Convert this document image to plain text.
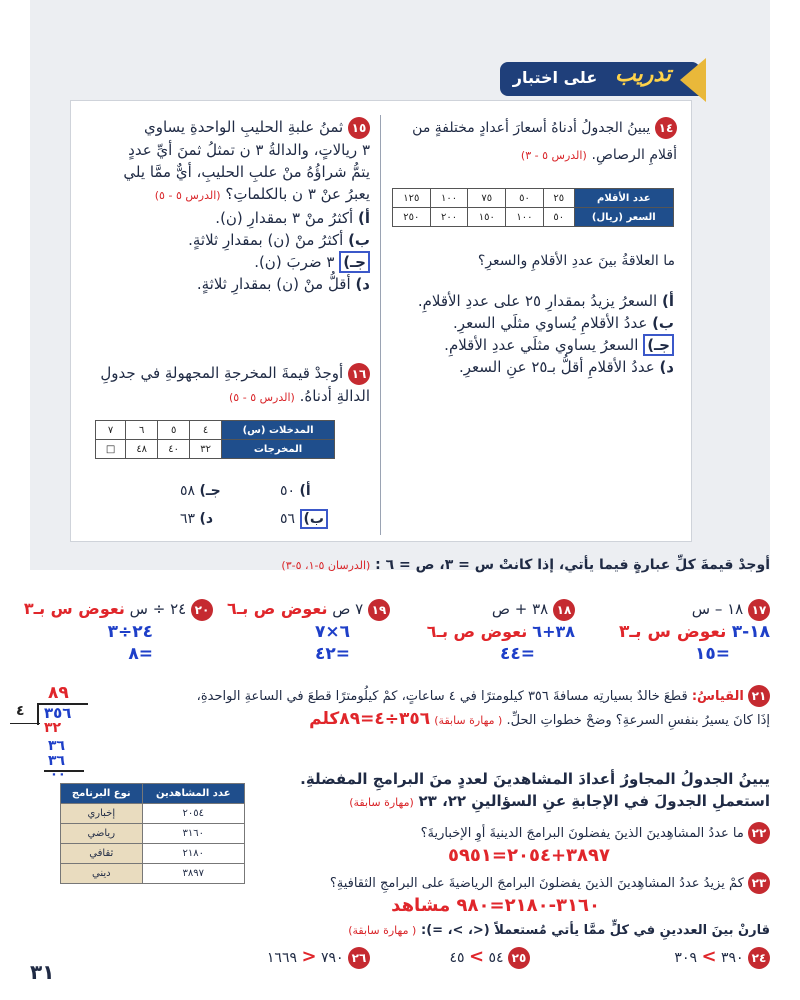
على اختبار تدريب
١٤ يبينُ الجدولُ أدناهُ أسعارَ أعدادٍ مختلفةٍ من
أقلامِ الرصاصِ. (الدرس ٥ - ٣)
عدد الأقلام	٢٥	٥٠	٧٥	١٠٠	١٢٥
السعر (ريال)	٥٠	١٠٠	١٥٠	٢٠٠	٢٥٠
ما العلاقةُ بينَ عددِ الأقلامِ والسعرِ؟
أ) السعرُ يزيدُ بمقدارِ ٢٥ على عددِ الأقلامِ.
ب) عددُ الأقلامِ يُساوي مثلَي السعرِ.
جـ) السعرُ يساوي مثلَي عددِ الأقلامِ.
د) عددُ الأقلامِ أقلُّ بـ٢٥ عنِ السعرِ.
١٥ ثمنُ علبةِ الحليبِ الواحدةِ يساوي
٣ ريالاتٍ، والدالةُ ٣ ن تمثلُ ثمنَ أيِّ عددٍ
يتمُّ شراؤُهُ منْ علبِ الحليبِ، أيٌّ ممَّا يلي
يعبرُ عنْ ٣ ن بالكلماتِ؟ (الدرس ٥ - ٥)
أ) أكثرُ منْ ٣ بمقدارِ (ن).
ب) أكثرُ منْ (ن) بمقدارِ ثلاثةٍ.
جـ) ٣ ضربَ (ن).
د) أقلُّ منْ (ن) بمقدارِ ثلاثةٍ.
١٦ أوجدْ قيمةَ المخرجةِ المجهولةِ في جدولِ
الدالةِ أدناهُ. (الدرس ٥ - ٥)
المدخلات (س)	٤	٥	٦	٧
المخرجات	٣٢	٤٠	٤٨	□
أ) ٥٠
جـ) ٥٨
ب) ٥٦
د) ٦٣
أوجدْ قيمةَ كلِّ عبارةٍ فيما يأتي، إذا كانتْ س = ٣، ص = ٦ : (الدرسان ٥-١، ٥-٣)
١٧ ١٨ – س
١٨-٣ نعوض س بـ٣
=١٥
١٨ ٣٨ + ص
٣٨+٦ نعوض ص بـ٦
=٤٤
١٩ ٧ ص نعوض ص بـ٦
٦×٧
=٤٢
٢٠ ٢٤ ÷ س نعوض س بـ٣
٢٤÷٣
=٨
٢١ القياسُ: قطعَ خالدٌ بسيارتِه مسافةَ ٣٥٦ كيلومترًا في ٤ ساعاتٍ، كمْ كيلُومترًا قطعَ في الساعةِ الواحدةِ،
إذَا كانَ يسيرُ بنفسِ السرعةِ؟ وضحْ خطواتِ الحلِّ. ( مهارة سابقة) ٣٥٦÷٤=٨٩كلم
٨٩
٤ ٣٥٦
٣٢
٣٦
٣٦
٠٠	يبينُ الجدولُ المجاورُ أعدادَ المشاهدينَ لعددٍ منَ البرامجِ المفضلةِ.
استعملِ الجدولَ في الإجابةِ عنِ السؤالينِ ٢٢، ٢٣ (مهارة سابقة)
عدد المشاهدين	نوع البرنامج
٢٠٥٤	إخباري
٣١٦٠	رياضي
٢١٨٠	ثقافي
٣٨٩٧	ديني
٢٢ ما عددُ المشاهِدينَ الذينَ يفضلونَ البرامجَ الدينيةَ أوِ الإخباريةَ؟
٣٨٩٧+٢٠٥٤=٥٩٥١
٢٣ كمْ يزيدُ عددُ المشاهِدينَ الذينَ يفضلونَ البرامجَ الرياضيةَ على البرامجِ الثقافيةِ؟
٣١٦٠-٢١٨٠=٩٨٠ مشاهد
قارنْ بينَ العددينِ في كلٍّ ممَّا يأتي مُستعملاً (<، >، =): ( مهارة سابقة)
٢٤ ٣٩٠ > ٣٠٩
٢٥ ٥٤ > ٤٥
٢٦ ٧٩٠ < ١٦٦٩
٣١
